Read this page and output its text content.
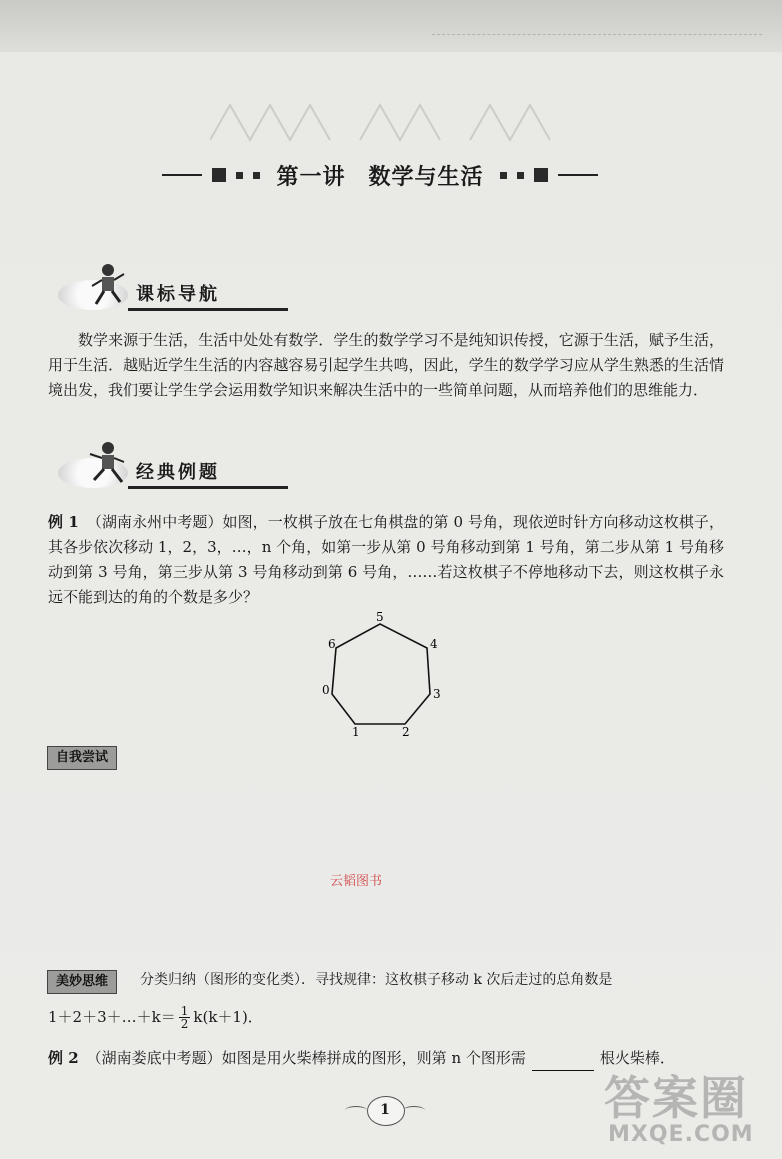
第一讲　数学与生活
课标导航
数学来源于生活，生活中处处有数学．学生的数学学习不是纯知识传授，它源于生活，赋予生活，用于生活．越贴近学生生活的内容越容易引起学生共鸣，因此，学生的数学学习应从学生熟悉的生活情境出发，我们要让学生学会运用数学知识来解决生活中的一些简单问题，从而培养他们的思维能力．
经典例题
例 1 （湖南永州中考题）如图，一枚棋子放在七角棋盘的第 0 号角，现依逆时针方向移动这枚棋子，其各步依次移动 1，2，3，…，n 个角，如第一步从第 0 号角移动到第 1 号角，第二步从第 1 号角移动到第 3 号角，第三步从第 3 号角移动到第 6 号角，……若这枚棋子不停地移动下去，则这枚棋子永远不能到达的角的个数是多少？
5
4
3
2
1
0
6
自我尝试
云韬图书
美妙思维	分类归纳（图形的变化类）．寻找规律：这枚棋子移动 k 次后走过的总角数是
1＋2＋3＋…＋k＝ $\frac{1}{2} k(k+1)$．
例 2 （湖南娄底中考题）如图是用火柴棒拼成的图形，则第 n 个图形需	根火柴棒．
1	答案圈
MXQE.COM
